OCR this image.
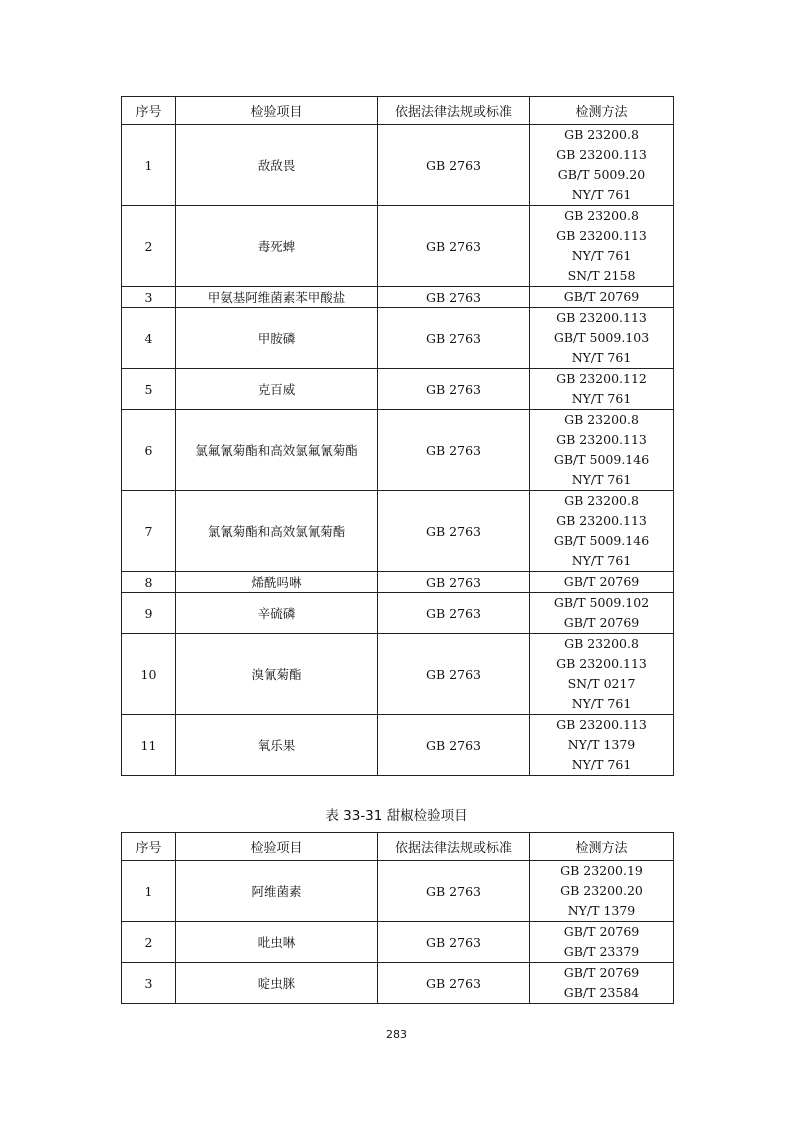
序号	检验项目	依据法律法规或标准	检测方法
1	敌敌畏	GB 2763	GB 23200.8
GB 23200.113
GB/T 5009.20
NY/T 761

2	毒死蜱	GB 2763	GB 23200.8
GB 23200.113
NY/T 761
SN/T 2158

3	甲氨基阿维菌素苯甲酸盐	GB 2763	GB/T 20769

4	甲胺磷	GB 2763	GB 23200.113
GB/T 5009.103
NY/T 761

5	克百威	GB 2763	GB 23200.112
NY/T 761

6	氯氟氰菊酯和高效氯氟氰菊酯	GB 2763	GB 23200.8
GB 23200.113
GB/T 5009.146
NY/T 761

7	氯氰菊酯和高效氯氰菊酯	GB 2763	GB 23200.8
GB 23200.113
GB/T 5009.146
NY/T 761

8	烯酰吗啉	GB 2763	GB/T 20769

9	辛硫磷	GB 2763	GB/T 5009.102
GB/T 20769

10	溴氰菊酯	GB 2763	GB 23200.8
GB 23200.113
SN/T 0217
NY/T 761

11	氧乐果	GB 2763	GB 23200.113
NY/T 1379
NY/T 761
表 33-31 甜椒检验项目
序号	检验项目	依据法律法规或标准	检测方法
1	阿维菌素	GB 2763	GB 23200.19
GB 23200.20
NY/T 1379

2	吡虫啉	GB 2763	GB/T 20769
GB/T 23379

3	啶虫脒	GB 2763	GB/T 20769
GB/T 23584
283
